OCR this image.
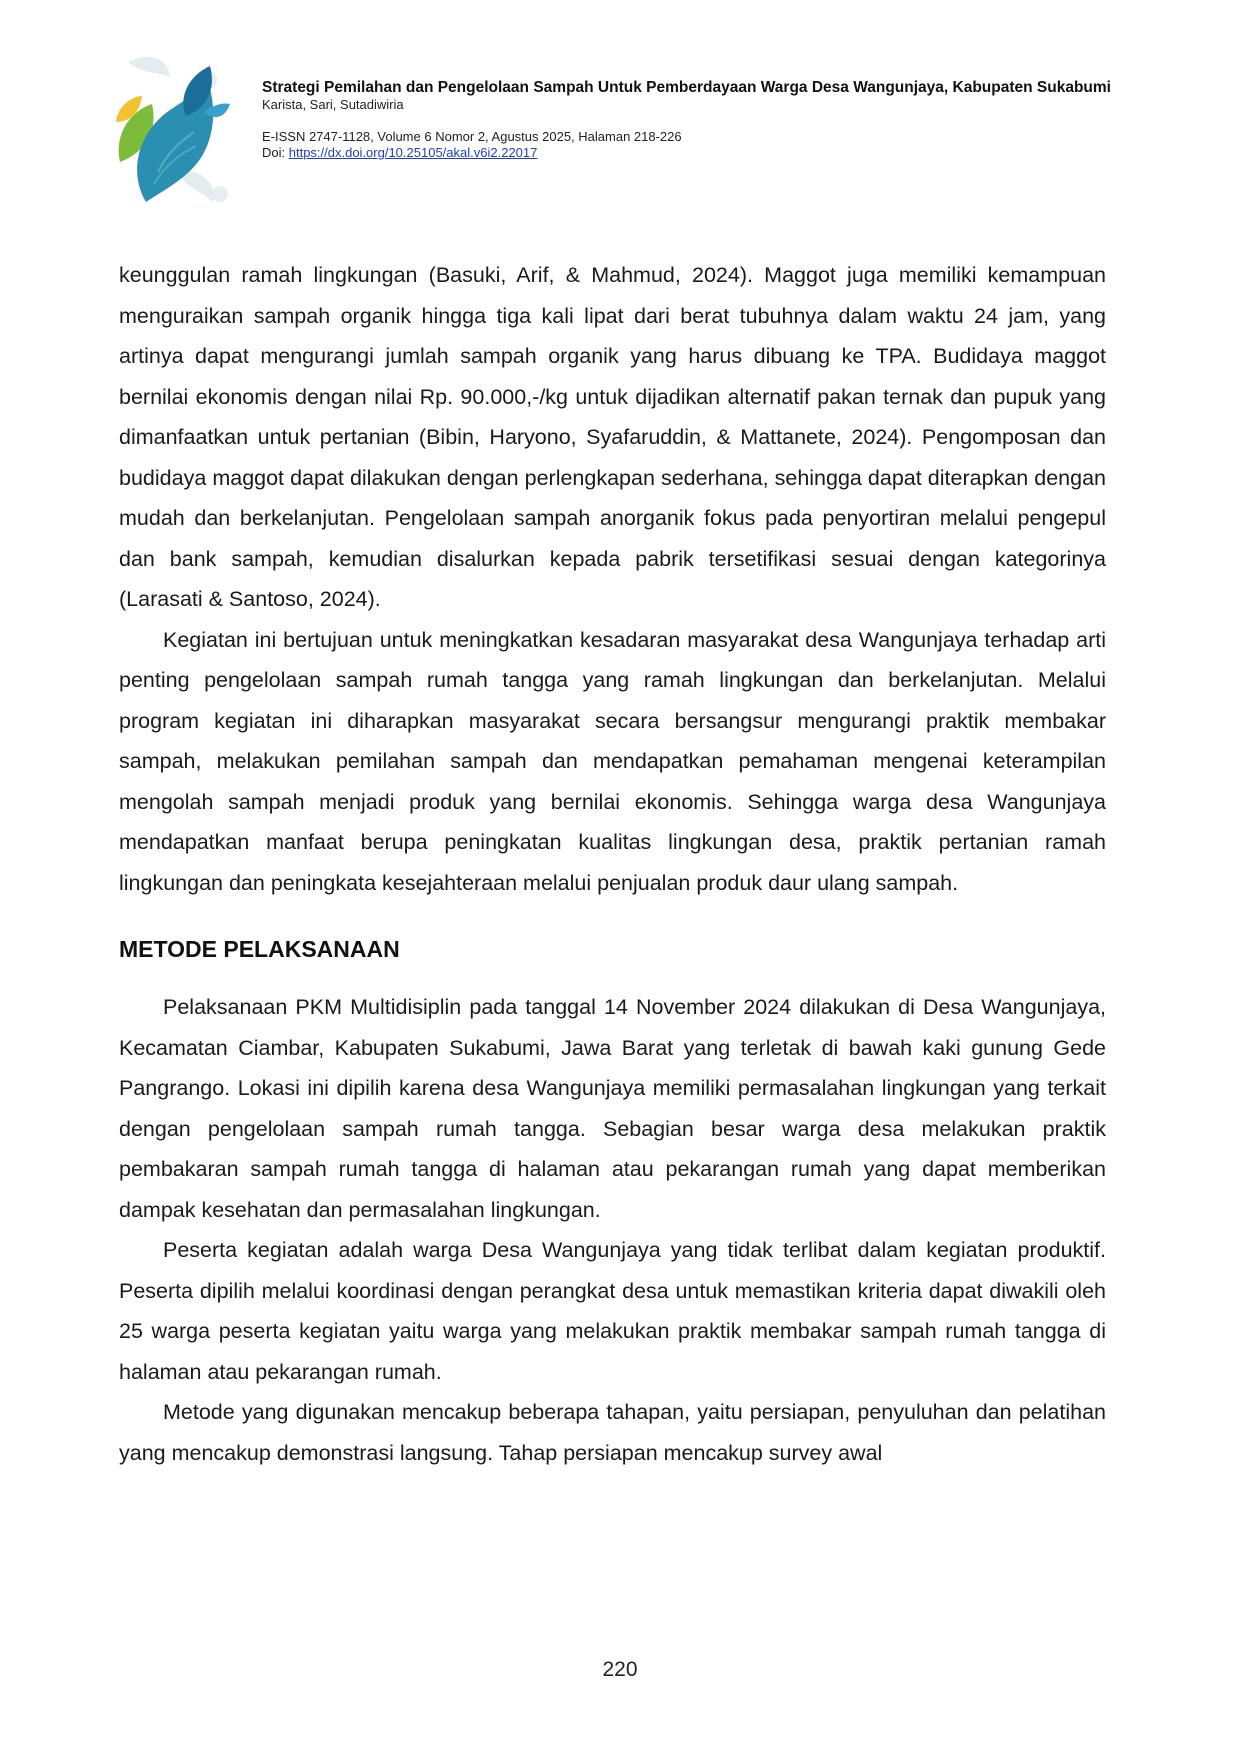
Strategi Pemilahan dan Pengelolaan Sampah Untuk Pemberdayaan Warga Desa Wangunjaya, Kabupaten Sukabumi
Karista, Sari, Sutadiwiria
E-ISSN 2747-1128, Volume 6 Nomor 2, Agustus 2025, Halaman 218-226
Doi: https://dx.doi.org/10.25105/akal.v6i2.22017

keunggulan ramah lingkungan (Basuki, Arif, & Mahmud, 2024). Maggot juga memiliki kemampuan menguraikan sampah organik hingga tiga kali lipat dari berat tubuhnya dalam waktu 24 jam, yang artinya dapat mengurangi jumlah sampah organik yang harus dibuang ke TPA. Budidaya maggot bernilai ekonomis dengan nilai Rp. 90.000,-/kg untuk dijadikan alternatif pakan ternak dan pupuk yang dimanfaatkan untuk pertanian (Bibin, Haryono, Syafaruddin, & Mattanete, 2024). Pengomposan dan budidaya maggot dapat dilakukan dengan perlengkapan sederhana, sehingga dapat diterapkan dengan mudah dan berkelanjutan. Pengelolaan sampah anorganik fokus pada penyortiran melalui pengepul dan bank sampah, kemudian disalurkan kepada pabrik tersetifikasi sesuai dengan kategorinya (Larasati & Santoso, 2024).

Kegiatan ini bertujuan untuk meningkatkan kesadaran masyarakat desa Wangunjaya terhadap arti penting pengelolaan sampah rumah tangga yang ramah lingkungan dan berkelanjutan. Melalui program kegiatan ini diharapkan masyarakat secara bersangsur mengurangi praktik membakar sampah, melakukan pemilahan sampah dan mendapatkan pemahaman mengenai keterampilan mengolah sampah menjadi produk yang bernilai ekonomis. Sehingga warga desa Wangunjaya mendapatkan manfaat berupa peningkatan kualitas lingkungan desa, praktik pertanian ramah lingkungan dan peningkata kesejahteraan melalui penjualan produk daur ulang sampah.

METODE PELAKSANAAN

Pelaksanaan PKM Multidisiplin pada tanggal 14 November 2024 dilakukan di Desa Wangunjaya, Kecamatan Ciambar, Kabupaten Sukabumi, Jawa Barat yang terletak di bawah kaki gunung Gede Pangrango. Lokasi ini dipilih karena desa Wangunjaya memiliki permasalahan lingkungan yang terkait dengan pengelolaan sampah rumah tangga. Sebagian besar warga desa melakukan praktik pembakaran sampah rumah tangga di halaman atau pekarangan rumah yang dapat memberikan dampak kesehatan dan permasalahan lingkungan.

Peserta kegiatan adalah warga Desa Wangunjaya yang tidak terlibat dalam kegiatan produktif. Peserta dipilih melalui koordinasi dengan perangkat desa untuk memastikan kriteria dapat diwakili oleh 25 warga peserta kegiatan yaitu warga yang melakukan praktik membakar sampah rumah tangga di halaman atau pekarangan rumah.

Metode yang digunakan mencakup beberapa tahapan, yaitu persiapan, penyuluhan dan pelatihan yang mencakup demonstrasi langsung. Tahap persiapan mencakup survey awal

220
